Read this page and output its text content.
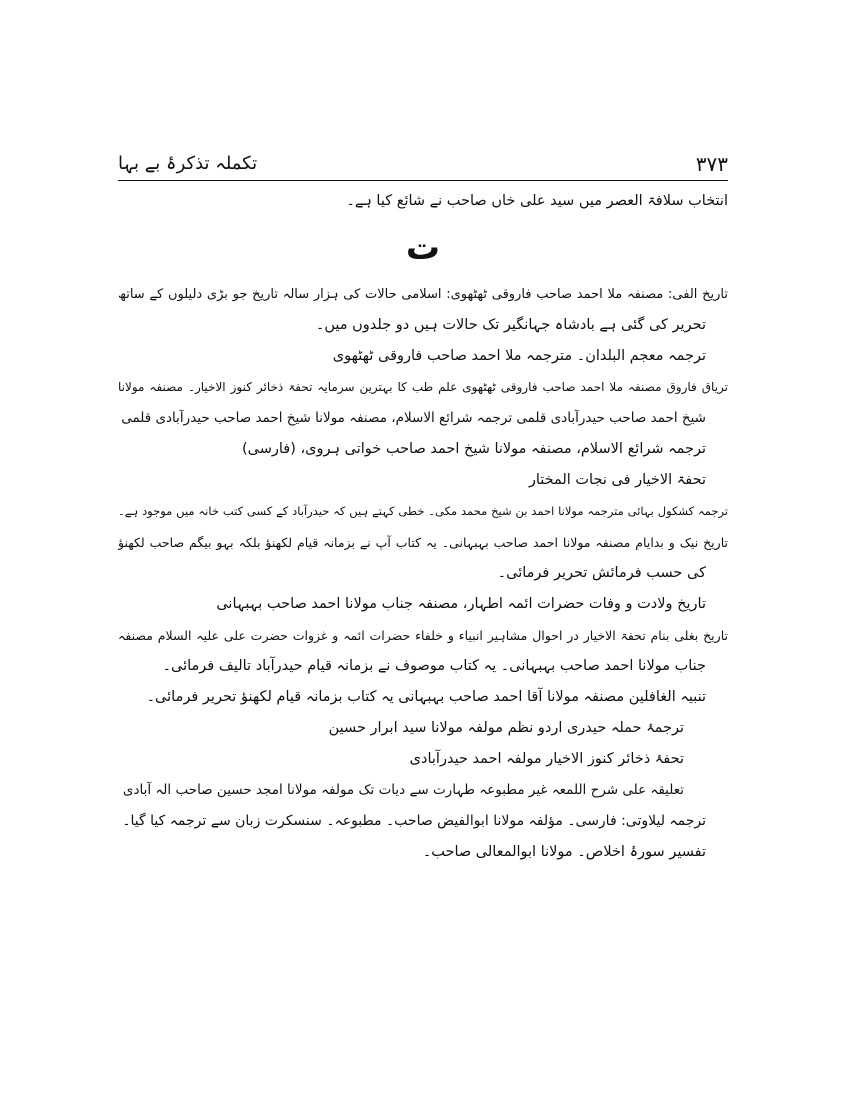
۳۷۳
تکملہ تذکرۂ بے بہا
انتخاب سلافۃ العصر میں سید علی خاں صاحب نے شائع کیا ہے۔
ت
تاریخ الفی: مصنفہ ملا احمد صاحب فاروقی ٹھٹھوی: اسلامی حالات کی ہزار سالہ تاریخ جو بڑی دلیلوں کے ساتھ
تحریر کی گئی ہے بادشاہ جہانگیر تک حالات ہیں دو جلدوں میں۔
ترجمہ معجم البلدان۔ مترجمہ ملا احمد صاحب فاروقی ٹھٹھوی
تریاق فاروق مصنفہ ملا احمد صاحب فاروقی ٹھٹھوی علم طب کا بہترین سرمایہ تحفۃ ذخائر کنوز الاخیار۔ مصنفہ مولانا
شیخ احمد صاحب حیدرآبادی قلمی ترجمہ شرائع الاسلام، مصنفہ مولانا شیخ احمد صاحب حیدرآبادی قلمی
ترجمہ شرائع الاسلام، مصنفہ مولانا شیخ احمد صاحب خواتی ہروی، (فارسی)
تحفۃ الاخیار فی نجات المختار
ترجمہ کشکول بہائی مترجمہ مولانا احمد بن شیخ محمد مکی۔ خطی کہتے ہیں کہ حیدرآباد کے کسی کتب خانہ میں موجود ہے۔
تاریخ نیک و بدایام مصنفہ مولانا احمد صاحب بہبہانی۔ یہ کتاب آپ نے بزمانہ قیام لکھنؤ بلکہ بہو بیگم صاحب لکھنؤ
کی حسب فرمائش تحریر فرمائی۔
تاریخ ولادت و وفات حضرات ائمہ اطہار، مصنفہ جناب مولانا احمد صاحب بہبہانی
تاریخ بغلی بنام تحفۃ الاخیار در احوال مشاہیر انبیاء و خلفاء حضرات ائمہ و غزوات حضرت علی علیہ السلام مصنفہ
جناب مولانا احمد صاحب بہبہانی۔ یہ کتاب موصوف نے بزمانہ قیام حیدرآباد تالیف فرمائی۔
تنبیہ الغافلین مصنفہ مولانا آقا احمد صاحب بہبہانی یہ کتاب بزمانہ قیام لکھنؤ تحریر فرمائی۔
ترجمۂ حملہ حیدری اردو نظم مولفہ مولانا سید ابرار حسین
تحفۂ ذخائر کنوز الاخیار مولفہ احمد حیدرآبادی
تعلیقہ علی شرح اللمعہ غیر مطبوعہ طہارت سے دیات تک مولفہ مولانا امجد حسین صاحب الہ آبادی
ترجمہ لیلاوتی: فارسی۔ مؤلفہ مولانا ابوالفیض صاحب۔ مطبوعہ۔ سنسکرت زبان سے ترجمہ کیا گیا۔
تفسیر سورۂ اخلاص۔ مولانا ابوالمعالی صاحب۔
